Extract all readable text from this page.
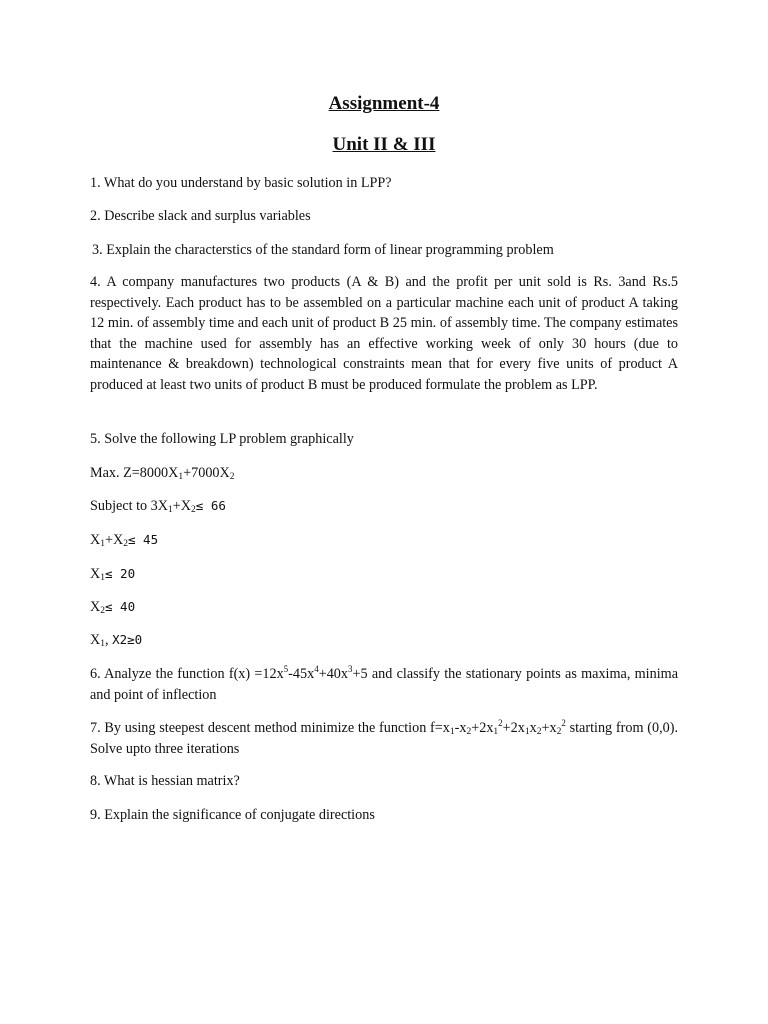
Assignment-4
Unit II & III
1. What do you understand by basic solution in LPP?
2. Describe slack and surplus variables
3. Explain the characterstics of the standard form of linear programming problem
4. A company manufactures two products (A & B) and the profit per unit sold is Rs. 3and Rs.5 respectively. Each product has to be assembled on a particular machine each unit of product A taking 12 min. of assembly time and each unit of product B 25 min. of assembly time. The company estimates that the machine used for assembly has an effective working week of only 30 hours (due to maintenance & breakdown) technological constraints mean that for every five units of product A produced at least two units of product B must be produced formulate the problem as LPP.
5. Solve the following LP problem graphically
Max. $Z=8000X_1+7000X_2$
Subject to $3X_1+X_2\le 66$
$X_1+X_2\le 45$
$X_1\le 20$
$X_2\le 40$
$X_1$, X2≥0
6. Analyze the function $f(x) =12x^5-45x^4+40x^3+5$ and classify the stationary points as maxima, minima and point of inflection
7. By using steepest descent method minimize the function $f=x_1-x_2+2x_1^2+2x_1x_2+x_2^2$ starting from (0,0). Solve upto three iterations
8. What is hessian matrix?
9. Explain the significance of conjugate directions
